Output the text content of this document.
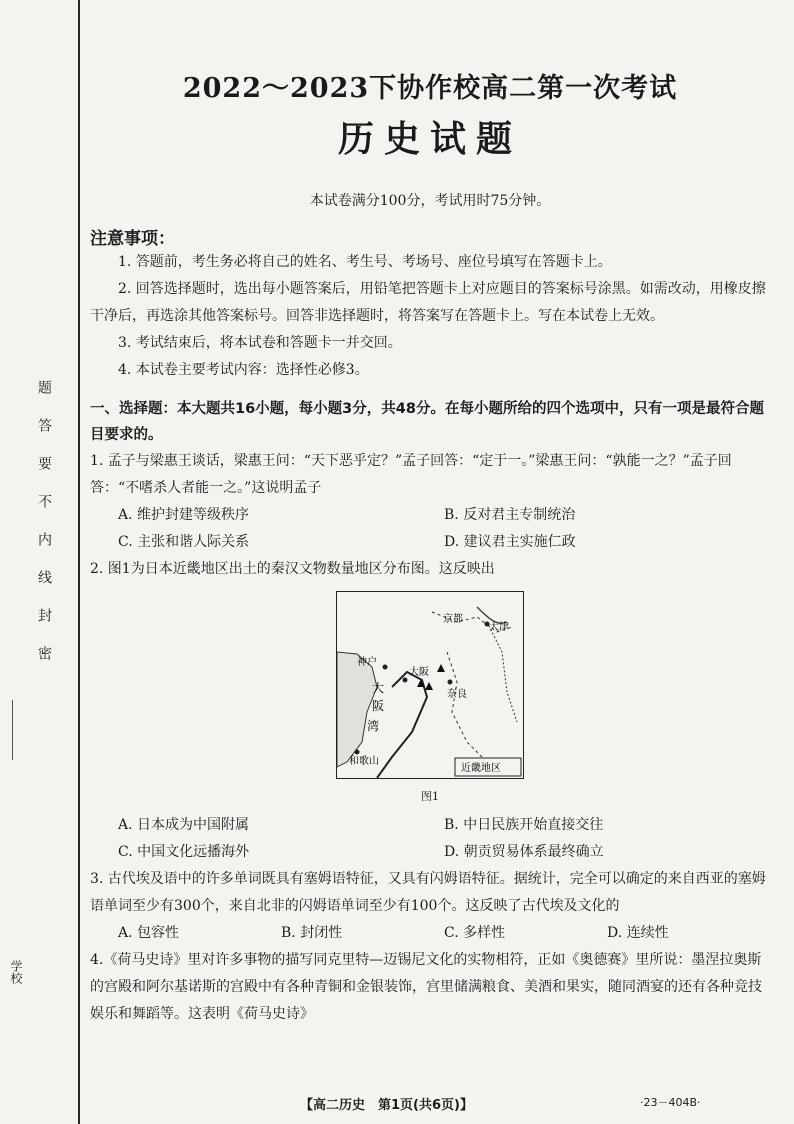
题答要不内线封密
学校
2022～2023下协作校高二第一次考试
历史试题
本试卷满分100分，考试用时75分钟。
注意事项：

1. 答题前，考生务必将自己的姓名、考生号、考场号、座位号填写在答题卡上。

2. 回答选择题时，选出每小题答案后，用铅笔把答题卡上对应题目的答案标号涂黑。如需改动，用橡皮擦干净后，再选涂其他答案标号。回答非选择题时，将答案写在答题卡上。写在本试卷上无效。

3. 考试结束后，将本试卷和答题卡一并交回。

4. 本试卷主要考试内容：选择性必修3。

一、选择题：本大题共16小题，每小题3分，共48分。在每小题所给的四个选项中，只有一项是最符合题目要求的。

1. 孟子与梁惠王谈话，梁惠王问：“天下恶乎定？”孟子回答：“定于一。”梁惠王问：“孰能一之？”孟子回答：“不嗜杀人者能一之。”这说明孟子

A. 维护封建等级秩序	B. 反对君主专制统治
C. 主张和谐人际关系	D. 建议君主实施仁政

2. 图1为日本近畿地区出土的秦汉文物数量地区分布图。这反映出

京都
大津
神户
大阪
奈良
大
阪
湾
和歌山
近畿地区
图1
A. 日本成为中国附属	B. 中日民族开始直接交往
C. 中国文化远播海外	D. 朝贡贸易体系最终确立

3. 古代埃及语中的许多单词既具有塞姆语特征，又具有闪姆语特征。据统计，完全可以确定的来自西亚的塞姆语单词至少有300个，来自北非的闪姆语单词至少有100个。这反映了古代埃及文化的

A. 包容性	B. 封闭性	C. 多样性	D. 连续性

4.《荷马史诗》里对许多事物的描写同克里特—迈锡尼文化的实物相符，正如《奥德赛》里所说：墨涅拉奥斯的宫殿和阿尔基诺斯的宫殿中有各种青铜和金银装饰，宫里储满粮食、美酒和果实，随同酒宴的还有各种竞技娱乐和舞蹈等。这表明《荷马史诗》

【高二历史　第1页(共6页)】	·23－404B·
